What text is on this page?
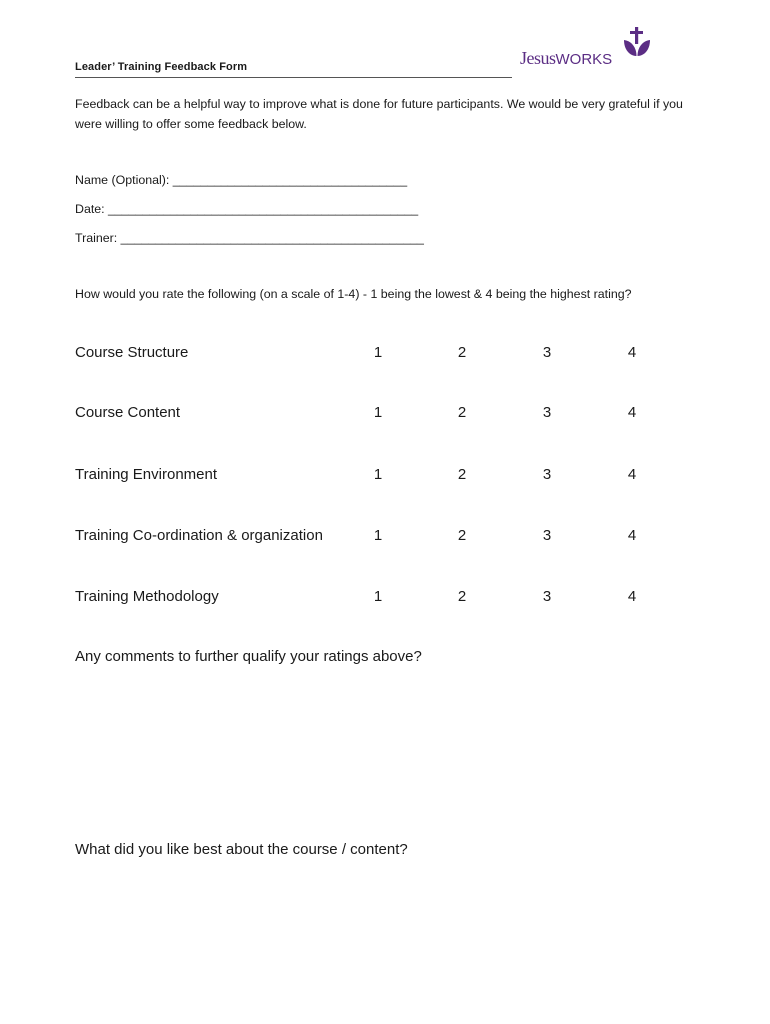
Leader’ Training Feedback Form	JesusWORKS
Feedback can be a helpful way to improve what is done for future participants. We would be very grateful if you were willing to offer some feedback below.
Name (Optional): __________________________________
Date: _____________________________________________
Trainer: ____________________________________________
How would you rate the following (on a scale of 1-4) - 1 being the lowest & 4 being the highest rating?
Course Structure	1	2	3	4
Course Content	1	2	3	4
Training Environment	1	2	3	4
Training Co-ordination & organization	1	2	3	4
Training Methodology	1	2	3	4
Any comments to further qualify your ratings above?
What did you like best about the course / content?
